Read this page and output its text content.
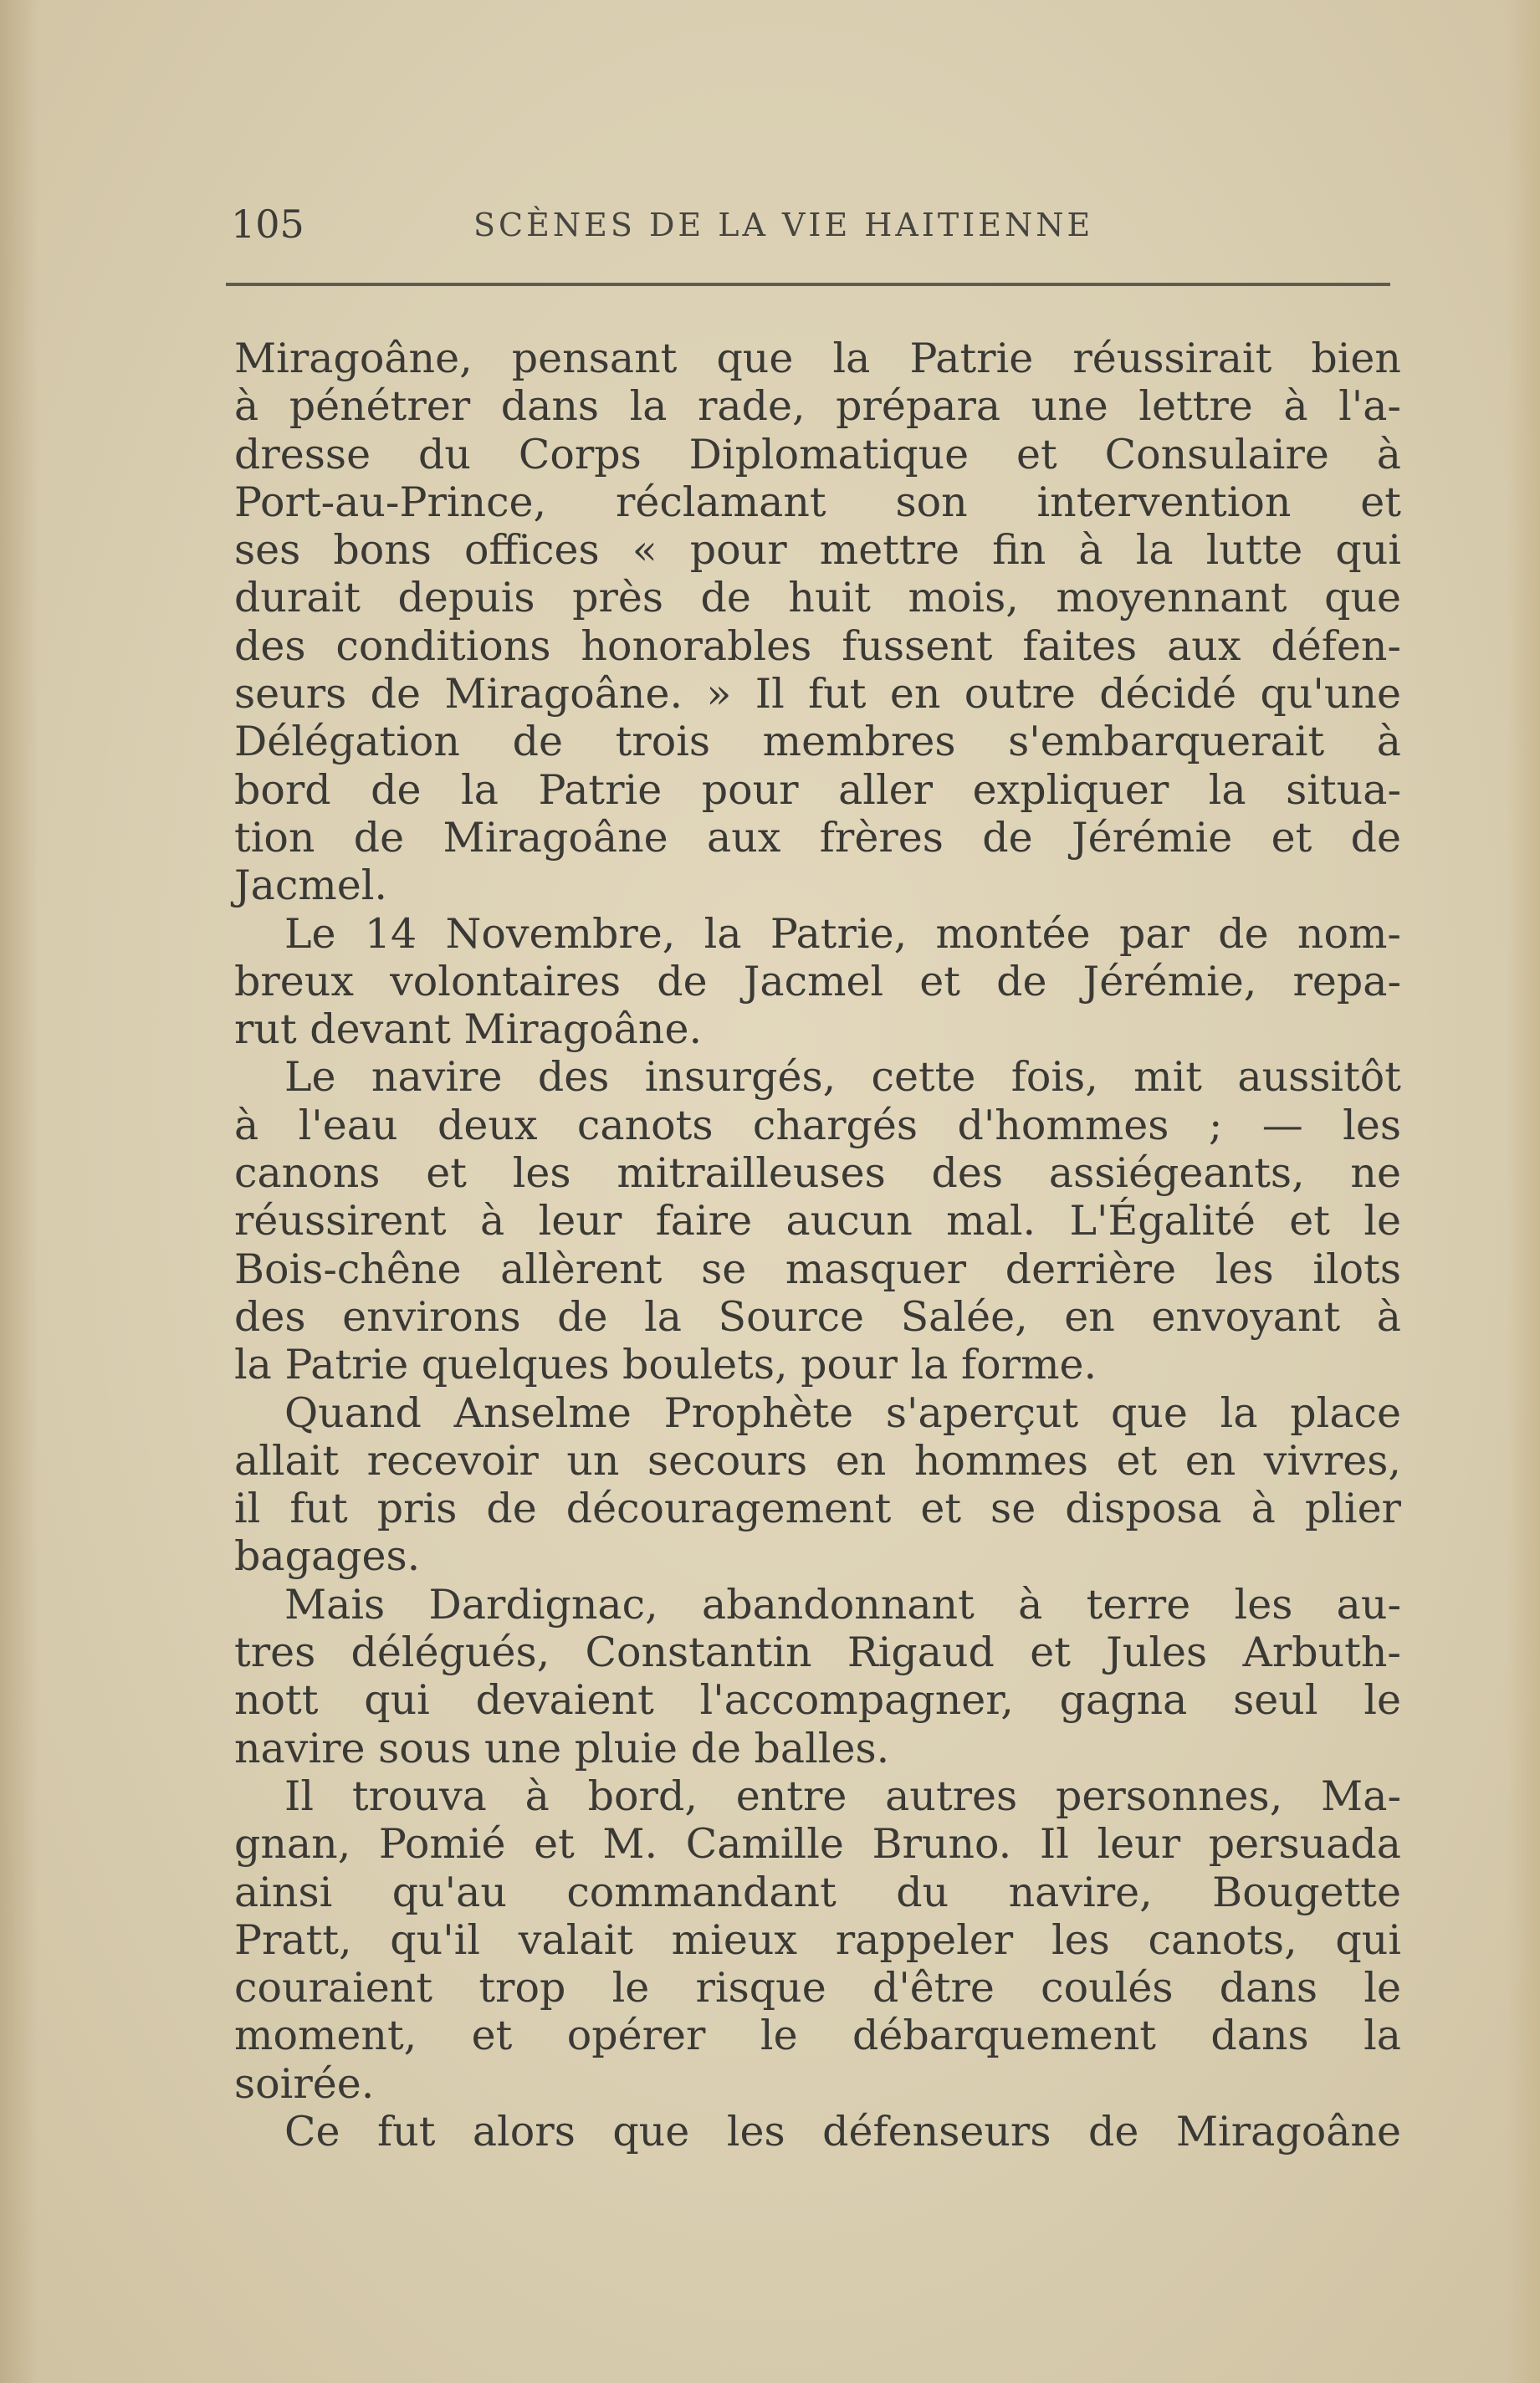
105	SCÈNES DE LA VIE HAITIENNE
Miragoâne, pensant que la Patrie réussirait bien
à pénétrer dans la rade, prépara une lettre à l'a-
dresse du Corps Diplomatique et Consulaire à
Port-au-Prince, réclamant son intervention et
ses bons offices « pour mettre fin à la lutte qui
durait depuis près de huit mois, moyennant que
des conditions honorables fussent faites aux défen-
seurs de Miragoâne. » Il fut en outre décidé qu'une
Délégation de trois membres s'embarquerait à
bord de la Patrie pour aller expliquer la situa-
tion de Miragoâne aux frères de Jérémie et de
Jacmel.
Le 14 Novembre, la Patrie, montée par de nom-
breux volontaires de Jacmel et de Jérémie, repa-
rut devant Miragoâne.
Le navire des insurgés, cette fois, mit aussitôt
à l'eau deux canots chargés d'hommes ; — les
canons et les mitrailleuses des assiégeants, ne
réussirent à leur faire aucun mal. L'Égalité et le
Bois-chêne allèrent se masquer derrière les ilots
des environs de la Source Salée, en envoyant à
la Patrie quelques boulets, pour la forme.
Quand Anselme Prophète s'aperçut que la place
allait recevoir un secours en hommes et en vivres,
il fut pris de découragement et se disposa à plier
bagages.
Mais Dardignac, abandonnant à terre les au-
tres délégués, Constantin Rigaud et Jules Arbuth-
nott qui devaient l'accompagner, gagna seul le
navire sous une pluie de balles.
Il trouva à bord, entre autres personnes, Ma-
gnan, Pomié et M. Camille Bruno. Il leur persuada
ainsi qu'au commandant du navire, Bougette
Pratt, qu'il valait mieux rappeler les canots, qui
couraient trop le risque d'être coulés dans le
moment, et opérer le débarquement dans la
soirée.
Ce fut alors que les défenseurs de Miragoâne
